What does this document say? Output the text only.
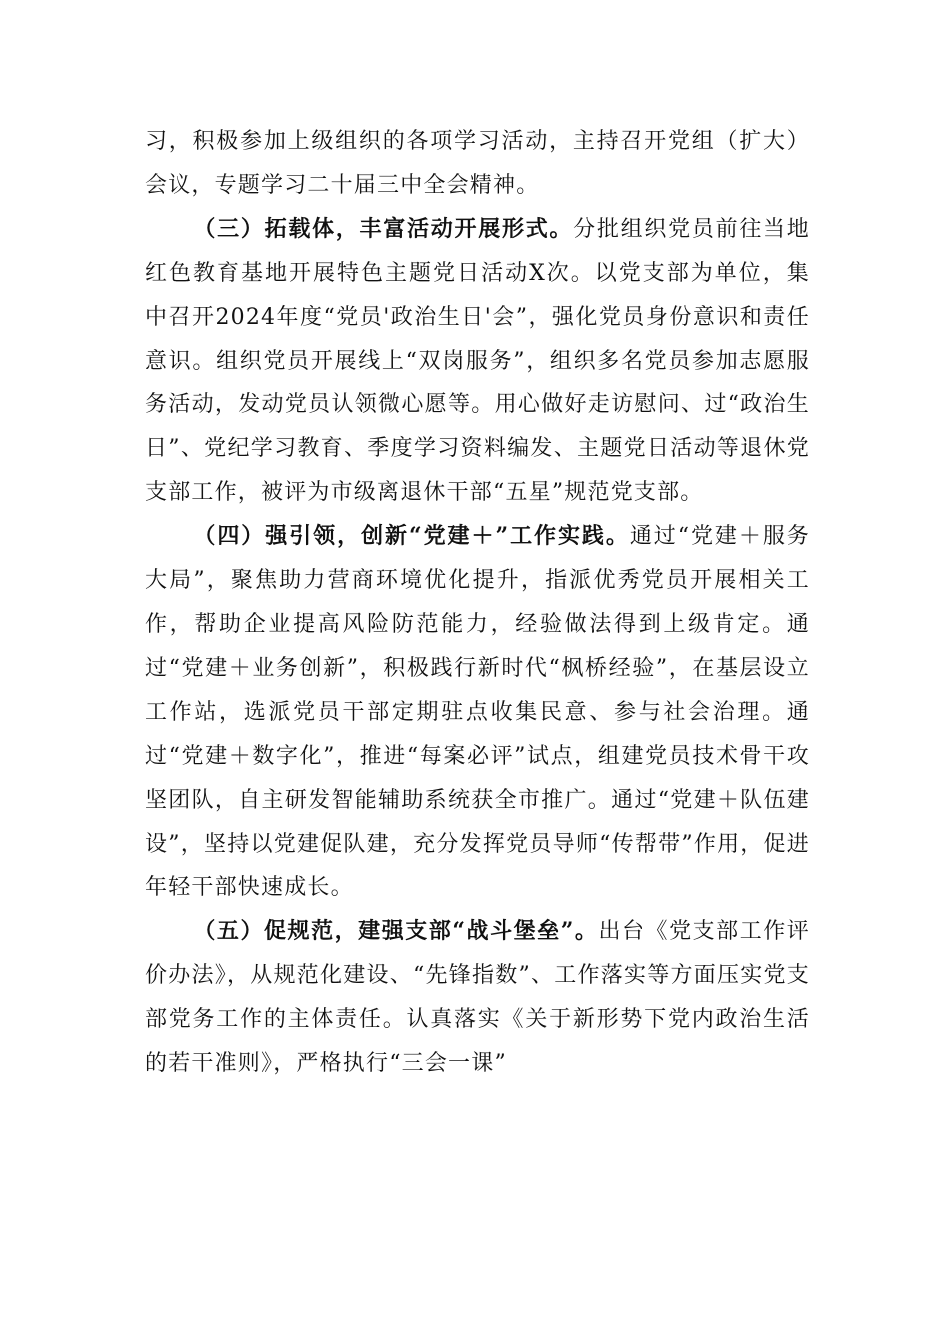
习，积极参加上级组织的各项学习活动，主持召开党组（扩大）会议，专题学习二十届三中全会精神。

（三）拓载体，丰富活动开展形式。分批组织党员前往当地红色教育基地开展特色主题党日活动X次。以党支部为单位，集中召开2024年度“党员'政治生日'会”，强化党员身份意识和责任意识。组织党员开展线上“双岗服务”，组织多名党员参加志愿服务活动，发动党员认领微心愿等。用心做好走访慰问、过“政治生日”、党纪学习教育、季度学习资料编发、主题党日活动等退休党支部工作，被评为市级离退休干部“五星”规范党支部。

（四）强引领，创新“党建＋”工作实践。通过“党建＋服务大局”，聚焦助力营商环境优化提升，指派优秀党员开展相关工作，帮助企业提高风险防范能力，经验做法得到上级肯定。通过“党建＋业务创新”，积极践行新时代“枫桥经验”，在基层设立工作站，选派党员干部定期驻点收集民意、参与社会治理。通过“党建＋数字化”，推进“每案必评”试点，组建党员技术骨干攻坚团队，自主研发智能辅助系统获全市推广。通过“党建＋队伍建设”，坚持以党建促队建，充分发挥党员导师“传帮带”作用，促进年轻干部快速成长。

（五）促规范，建强支部“战斗堡垒”。出台《党支部工作评价办法》，从规范化建设、“先锋指数”、工作落实等方面压实党支部党务工作的主体责任。认真落实《关于新形势下党内政治生活的若干准则》，严格执行“三会一课”
